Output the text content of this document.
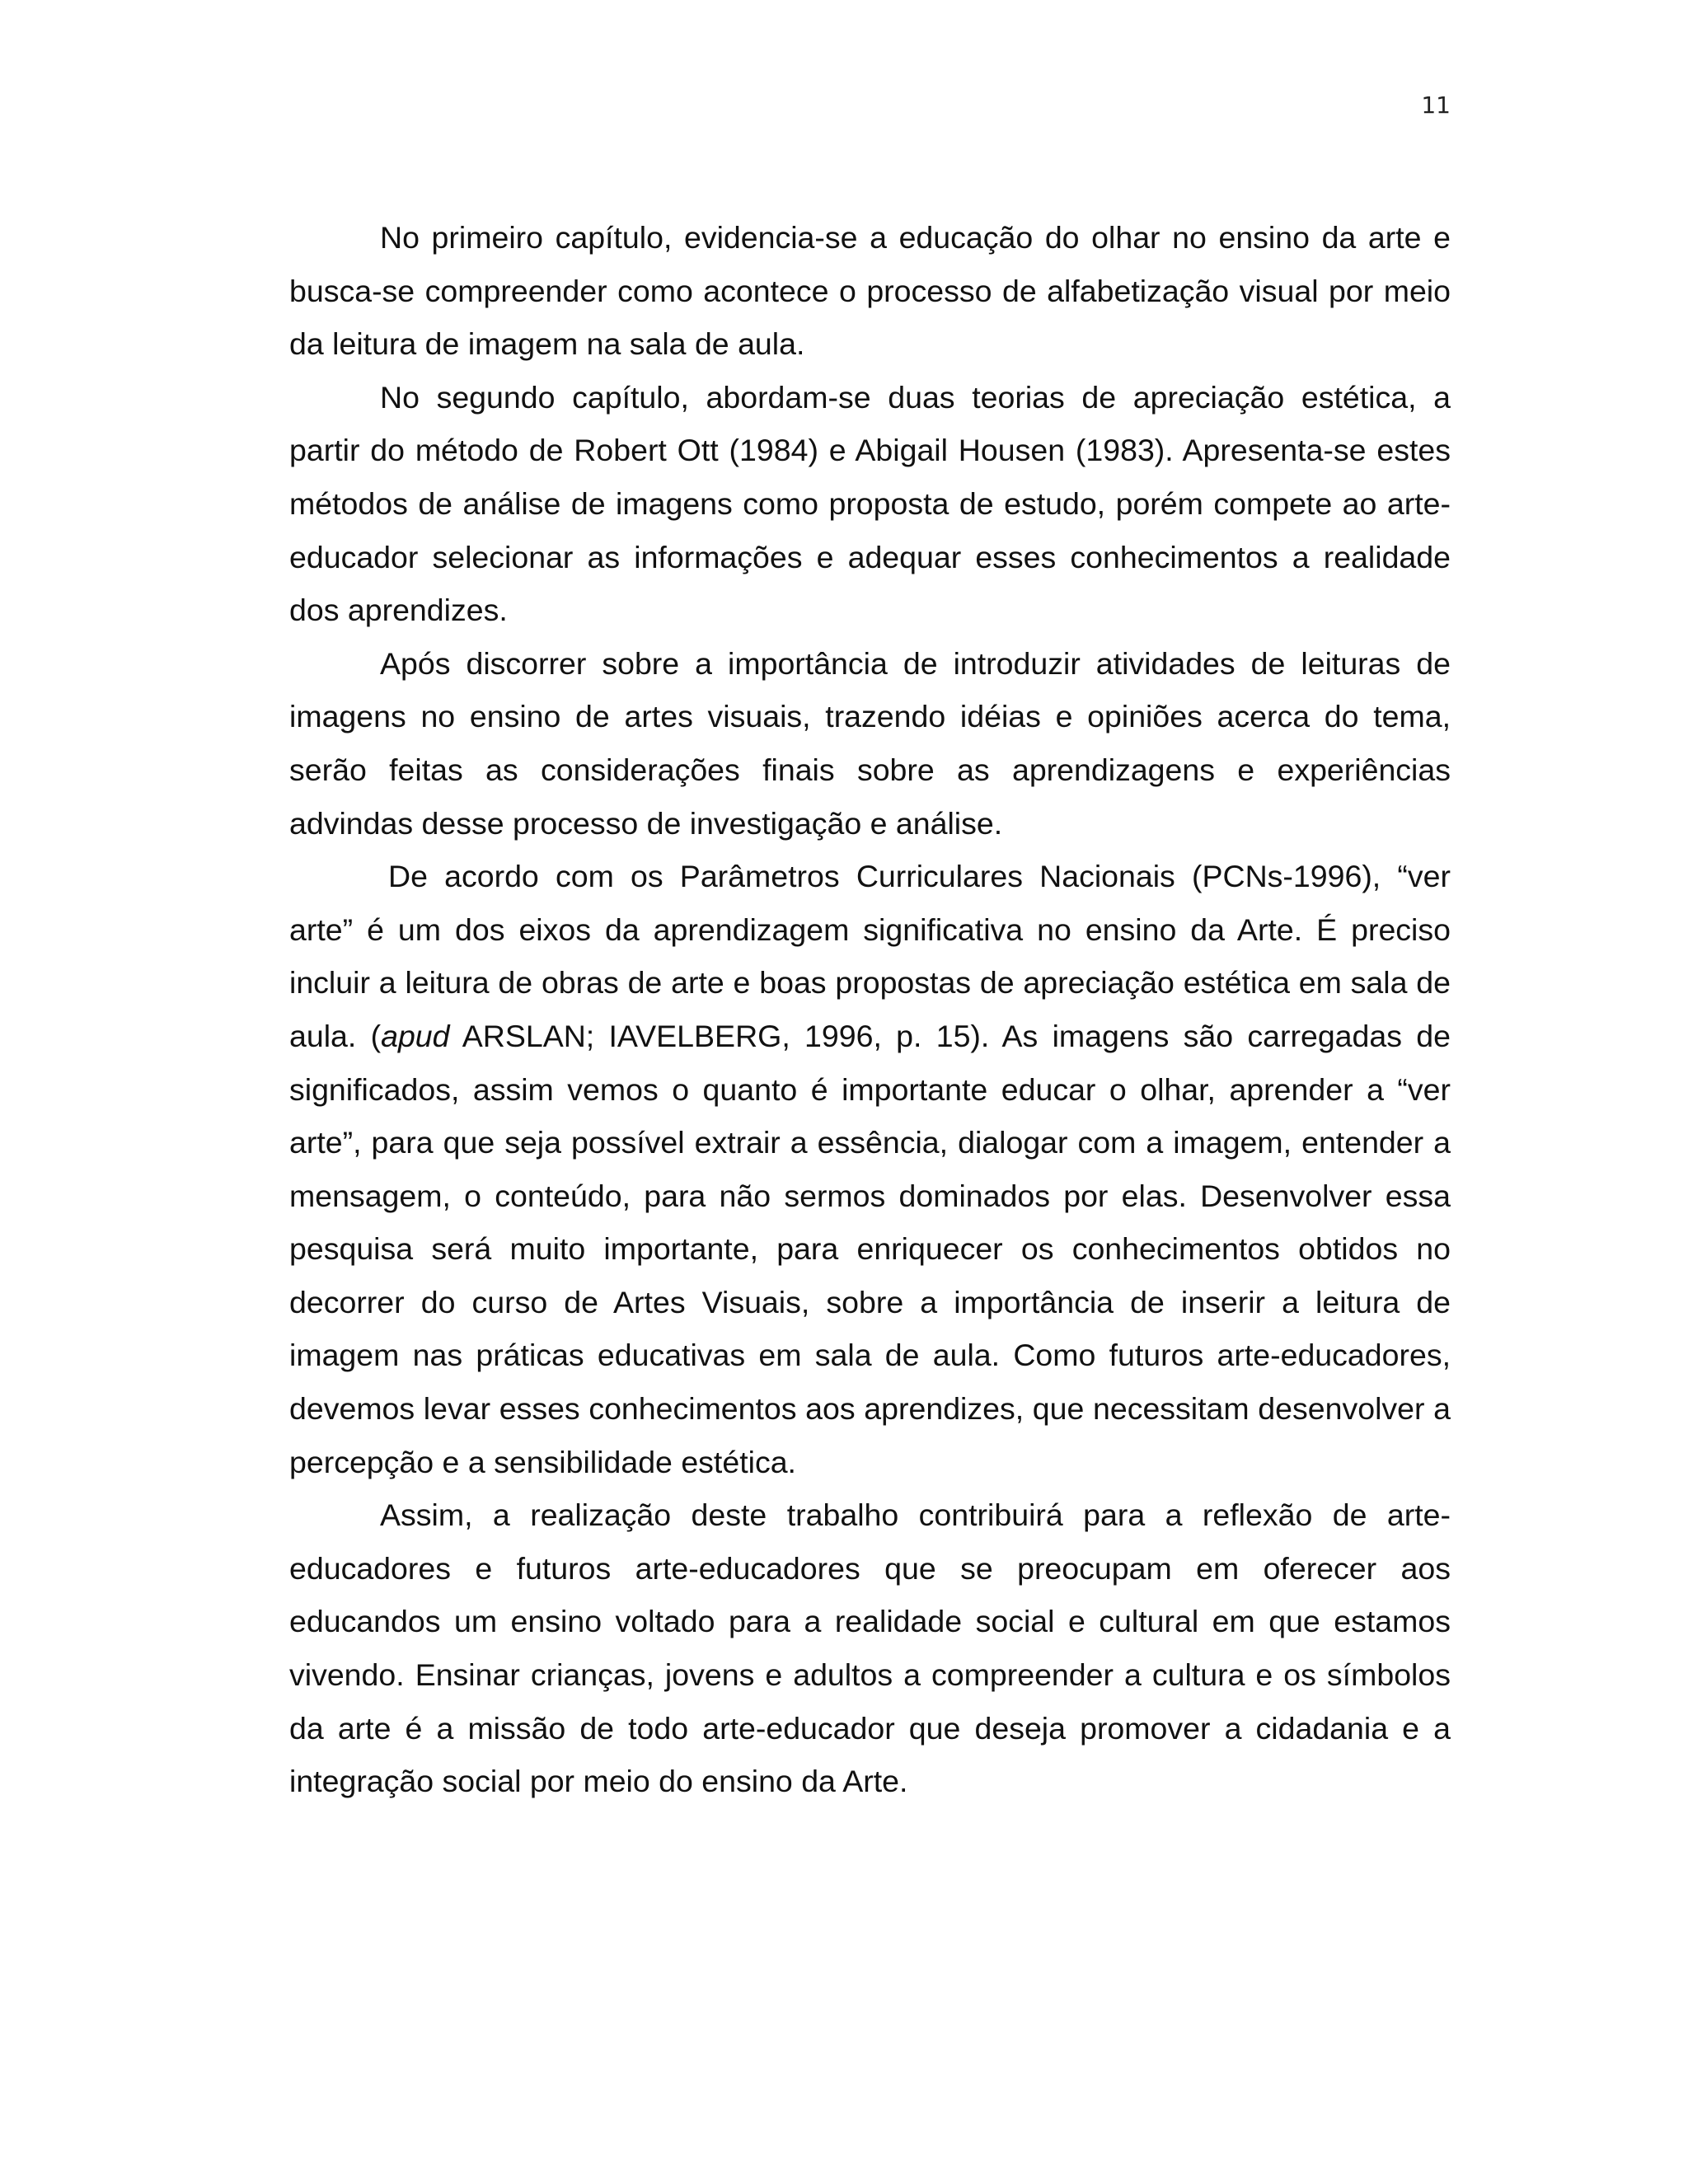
11

No primeiro capítulo, evidencia-se a educação do olhar no ensino da arte e busca-se compreender como acontece o processo de alfabetização visual por meio da leitura de imagem na sala de aula.

No segundo capítulo, abordam-se duas teorias de apreciação estética, a partir do método de Robert Ott (1984) e Abigail Housen (1983). Apresenta-se estes métodos de análise de imagens como proposta de estudo, porém compete ao arte-educador selecionar as informações e adequar esses conhecimentos a realidade dos aprendizes.

Após discorrer sobre a importância de introduzir atividades de leituras de imagens no ensino de artes visuais, trazendo idéias e opiniões acerca do tema, serão feitas as considerações finais sobre as aprendizagens e experiências advindas desse processo de investigação e análise.

De acordo com os Parâmetros Curriculares Nacionais (PCNs-1996), “ver arte” é um dos eixos da aprendizagem significativa no ensino da Arte. É preciso incluir a leitura de obras de arte e boas propostas de apreciação estética em sala de aula. (apud ARSLAN; IAVELBERG, 1996, p. 15). As imagens são carregadas de significados, assim vemos o quanto é importante educar o olhar, aprender a “ver arte”, para que seja possível extrair a essência, dialogar com a imagem, entender a mensagem, o conteúdo, para não sermos dominados por elas. Desenvolver essa pesquisa será muito importante, para enriquecer os conhecimentos obtidos no decorrer do curso de Artes Visuais, sobre a importância de inserir a leitura de imagem nas práticas educativas em sala de aula. Como futuros arte-educadores, devemos levar esses conhecimentos aos aprendizes, que necessitam desenvolver a percepção e a sensibilidade estética.

Assim, a realização deste trabalho contribuirá para a reflexão de arte-educadores e futuros arte-educadores que se preocupam em oferecer aos educandos um ensino voltado para a realidade social e cultural em que estamos vivendo. Ensinar crianças, jovens e adultos a compreender a cultura e os símbolos da arte é a missão de todo arte-educador que deseja promover a cidadania e a integração social por meio do ensino da Arte.
